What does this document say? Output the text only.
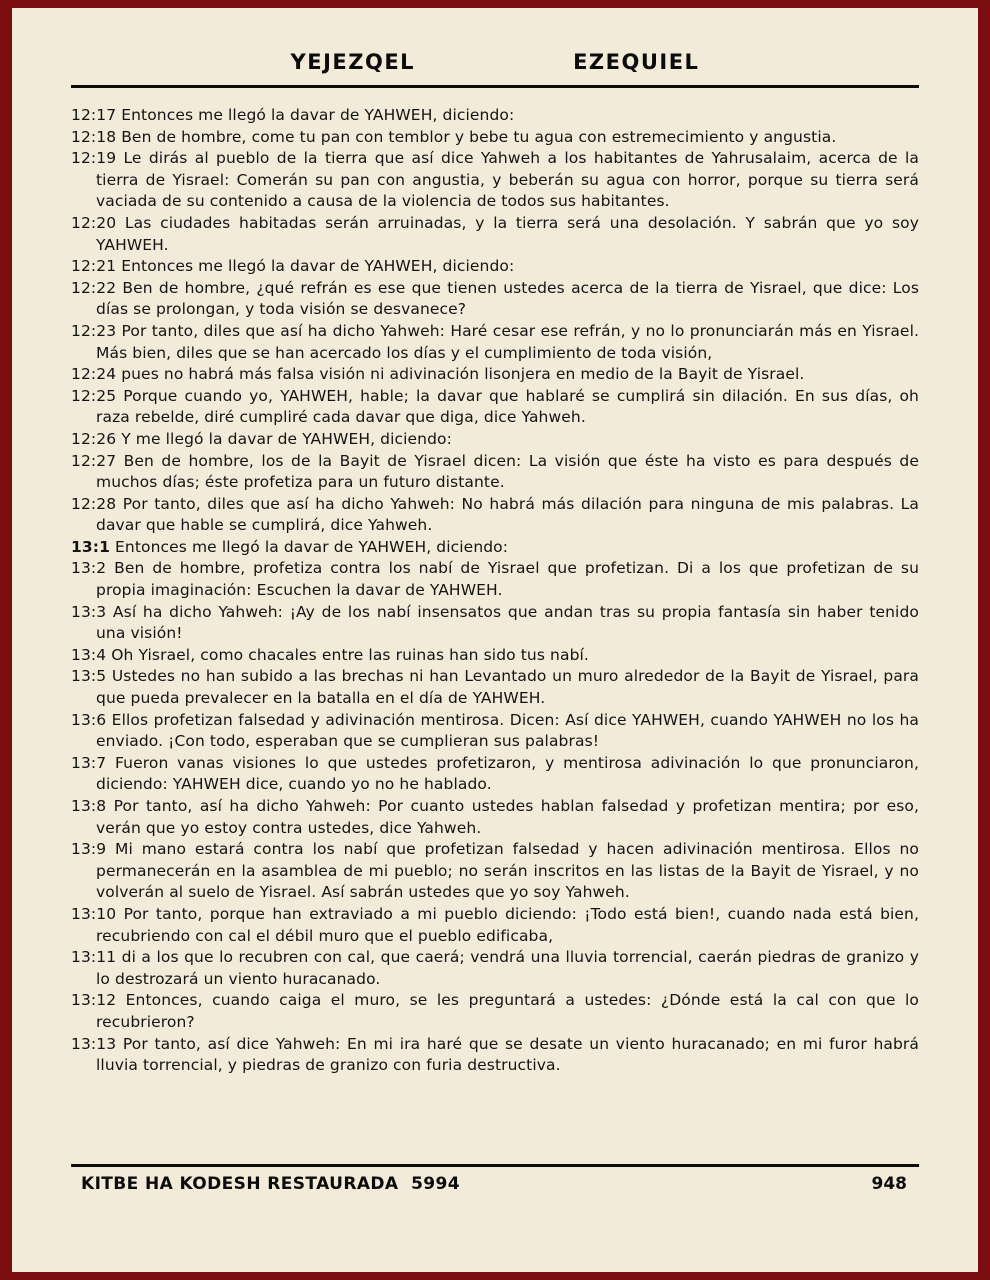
YEJEZQEL	EZEQUIEL

12:17 Entonces me llegó la davar de YAHWEH, diciendo:

12:18 Ben de hombre, come tu pan con temblor y bebe tu agua con estremecimiento y angustia.

12:19 Le dirás al pueblo de la tierra que así dice Yahweh a los habitantes de Yahrusalaim, acerca de la tierra de Yisrael: Comerán su pan con angustia, y beberán su agua con horror, porque su tierra será vaciada de su contenido a causa de la violencia de todos sus habitantes.

12:20 Las ciudades habitadas serán arruinadas, y la tierra será una desolación. Y sabrán que yo soy YAHWEH.

12:21 Entonces me llegó la davar de YAHWEH, diciendo:

12:22 Ben de hombre, ¿qué refrán es ese que tienen ustedes acerca de la tierra de Yisrael, que dice: Los días se prolongan, y toda visión se desvanece?

12:23 Por tanto, diles que así ha dicho Yahweh: Haré cesar ese refrán, y no lo pronunciarán más en Yisrael. Más bien, diles que se han acercado los días y el cumplimiento de toda visión,

12:24 pues no habrá más falsa visión ni adivinación lisonjera en medio de la Bayit de Yisrael.

12:25 Porque cuando yo, YAHWEH, hable; la davar que hablaré se cumplirá sin dilación. En sus días, oh raza rebelde, diré cumpliré cada davar que diga, dice Yahweh.

12:26 Y me llegó la davar de YAHWEH, diciendo:

12:27 Ben de hombre, los de la Bayit de Yisrael dicen: La visión que éste ha visto es para después de muchos días; éste profetiza para un futuro distante.

12:28 Por tanto, diles que así ha dicho Yahweh: No habrá más dilación para ninguna de mis palabras. La davar que hable se cumplirá, dice Yahweh.

13:1 Entonces me llegó la davar de YAHWEH, diciendo:

13:2 Ben de hombre, profetiza contra los nabí de Yisrael que profetizan. Di a los que profetizan de su propia imaginación: Escuchen la davar de YAHWEH.

13:3 Así ha dicho Yahweh: ¡Ay de los nabí insensatos que andan tras su propia fantasía sin haber tenido una visión!

13:4 Oh Yisrael, como chacales entre las ruinas han sido tus nabí.

13:5 Ustedes no han subido a las brechas ni han Levantado un muro alrededor de la Bayit de Yisrael, para que pueda prevalecer en la batalla en el día de YAHWEH.

13:6 Ellos profetizan falsedad y adivinación mentirosa. Dicen: Así dice YAHWEH, cuando YAHWEH no los ha enviado. ¡Con todo, esperaban que se cumplieran sus palabras!

13:7 Fueron vanas visiones lo que ustedes profetizaron, y mentirosa adivinación lo que pronunciaron, diciendo: YAHWEH dice, cuando yo no he hablado.

13:8 Por tanto, así ha dicho Yahweh: Por cuanto ustedes hablan falsedad y profetizan mentira; por eso, verán que yo estoy contra ustedes, dice Yahweh.

13:9 Mi mano estará contra los nabí que profetizan falsedad y hacen adivinación mentirosa. Ellos no permanecerán en la asamblea de mi pueblo; no serán inscritos en las listas de la Bayit de Yisrael, y no volverán al suelo de Yisrael. Así sabrán ustedes que yo soy Yahweh.

13:10 Por tanto, porque han extraviado a mi pueblo diciendo: ¡Todo está bien!, cuando nada está bien, recubriendo con cal el débil muro que el pueblo edificaba,

13:11 di a los que lo recubren con cal, que caerá; vendrá una lluvia torrencial, caerán piedras de granizo y lo destrozará un viento huracanado.

13:12 Entonces, cuando caiga el muro, se les preguntará a ustedes: ¿Dónde está la cal con que lo recubrieron?

13:13 Por tanto, así dice Yahweh: En mi ira haré que se desate un viento huracanado; en mi furor habrá lluvia torrencial, y piedras de granizo con furia destructiva.

KITBE HA KODESH RESTAURADA  5994	948
